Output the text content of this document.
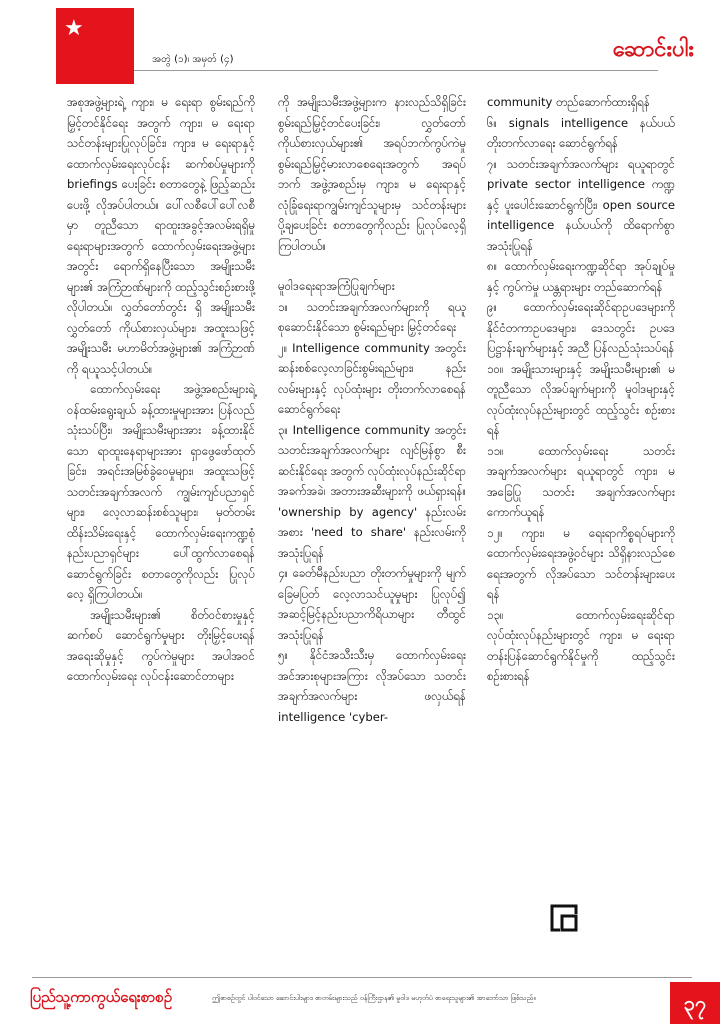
★
အတွဲ (၁)၊ အမှတ် (၄)	ဆောင်းပါး

အစုအဖွဲ့များရဲ့ ကျား၊ မ ရေးရာ စွမ်းရည်ကို မြှင့်တင်နိုင်ရေး အတွက် ကျား၊ မ ရေးရာ သင်တန်းများပြုလုပ်ခြင်း၊ ကျား၊ မ ရေးရာနှင့် ထောက်လှမ်းရေးလုပ်ငန်း ဆက်စပ်မှုများကို briefings ပေးခြင်း စတာတွေနဲ့ ဖြည့်ဆည်းပေးဖို့ လိုအပ်ပါတယ်။ ပေါ်လစီပေါ်ပေါ်လစီမှာ တူညီသော ရာထူးအခွင့်အလမ်းရရှိမှု ရေးရာများအတွက် ထောက်လှမ်းရေးအဖွဲ့များအတွင်း ရောက်ရှိနေပြီးသော အမျိုးသမီးများ၏ အကြံဉာဏ်များကို ထည့်သွင်းစဉ်းစားဖို့ လိုပါတယ်။ လွှတ်တော်တွင်း ရှိ အမျိုးသမီး လွှတ်တော် ကိုယ်စားလှယ်များ၊ အထူးသဖြင့် အမျိုးသမီး မဟာမိတ်အဖွဲ့များ၏ အကြံဉာဏ်ကို ရယူသင့်ပါတယ်။

ထောက်လှမ်းရေး အဖွဲ့အစည်းများရဲ့ ဝန်ထမ်းရွေးချယ် ခန့်ထားမှုများအား ပြန်လည် သုံးသပ်ပြီး၊ အမျိုးသမီးများအား ခန့်ထားနိုင်သော ရာထူးနေရာများအား ရှာဖွေဖော်ထုတ်ခြင်း၊ အရင်းအမြစ်ခွဲဝေမှုများ၊ အထူးသဖြင့် သတင်းအချက်အလက် ကျွမ်းကျင်ပညာရှင်များ၊ လေ့လာဆန်းစစ်သူများ၊ မှတ်တမ်းထိန်းသိမ်းရေးနှင့် ထောက်လှမ်းရေးကဏ္ဍစုံ နည်းပညာရှင်များ ပေါ်ထွက်လာစေရန် ဆောင်ရွက်ခြင်း စတာတွေကိုလည်း ပြုလုပ်လေ့ ရှိကြပါတယ်။

အမျိုးသမီးများ၏ စိတ်ဝင်စားမှုနှင့် ဆက်စပ် ဆောင်ရွက်မှုများ တိုးမြှင့်ပေးရန် အရေးဆိုမှုနှင့် ကွပ်ကဲမှုများ အပါအဝင် ထောက်လှမ်းရေး လုပ်ငန်းဆောင်တာများ

ကို အမျိုးသမီးအဖွဲ့များက နားလည်သိရှိခြင်းစွမ်းရည်မြှင့်တင်ပေးခြင်း၊ လွှတ်တော် ကိုယ်စားလှယ်များ၏ အရပ်ဘက်ကွပ်ကဲမှု စွမ်းရည်မြှင့်မားလာစေရေးအတွက် အရပ်ဘက် အဖွဲ့အစည်းမှ ကျား၊ မ ရေးရာနှင့် လုံခြုံရေးရာကျွမ်းကျင်သူများမှ သင်တန်းများ ပို့ချပေးခြင်း စတာတွေကိုလည်း ပြုလုပ်လေ့ရှိကြပါတယ်။

မူဝါဒရေးရာအကြံပြုချက်များ

၁။ သတင်းအချက်အလက်များကို ရယူစုဆောင်းနိုင်သော စွမ်းရည်များ မြှင့်တင်ရေး

၂။ Intelligence community အတွင်း ဆန်းစစ်လေ့လာခြင်းစွမ်းရည်များ၊ နည်းလမ်းများနှင့် လုပ်ထုံးများ တိုးတက်လာစေရန် ဆောင်ရွက်ရေး

၃။ Intelligence community အတွင်း သတင်းအချက်အလက်များ လျင်မြန်စွာ စီးဆင်းနိုင်ရေး အတွက် လုပ်ထုံးလုပ်နည်းဆိုင်ရာ အခက်အခဲ၊ အတားအဆီးများကို ဖယ်ရှားရန်။ 'ownership by agency' နည်းလမ်းအစား 'need to share' နည်းလမ်းကို အသုံးပြုရန်

၄။ ခေတ်မီနည်းပညာ တိုးတက်မှုများကို မျက်ခြေမပြတ် လေ့လာသင်ယူမှုများ ပြုလုပ်၍ အဆင့်မြင့်နည်းပညာကိရိယာများ တီထွင် အသုံးပြုရန်

၅။ နိုင်ငံအသီးသီးမှ ထောက်လှမ်းရေးအင်အားစုများအကြား လိုအပ်သော သတင်းအချက်အလက်များ ဖလှယ်ရန် intelligence 'cyber-

community တည်ဆောက်ထားရှိရန်

၆။ signals intelligence နယ်ပယ် တိုးတက်လာရေး ဆောင်ရွက်ရန်

၇။ သတင်းအချက်အလက်များ ရယူရာတွင် private sector intelligence ကဏ္ဍနှင့် ပူးပေါင်းဆောင်ရွက်ပြီး၊ open source intelligence နယ်ပယ်ကို ထိရောက်စွာ အသုံးပြုရန်

၈။ ထောက်လှမ်းရေးကဏ္ဍဆိုင်ရာ အုပ်ချုပ်မှုနှင့် ကွပ်ကဲမှု ယန္တရားများ တည်ဆောက်ရန်

၉။ ထောက်လှမ်းရေးဆိုင်ရာဥပဒေများကို နိုင်ငံတကာဥပဒေများ၊ ဒေသတွင်း ဥပဒေပြဋ္ဌာန်းချက်များနှင့် အညီ ပြန်လည်သုံးသပ်ရန်

၁၀။ အမျိုးသားများနှင့် အမျိုးသမီးများ၏ မတူညီသော လိုအပ်ချက်များကို မူဝါဒများနှင့် လုပ်ထုံးလုပ်နည်းများတွင် ထည့်သွင်း စဉ်းစားရန်

၁၁။ ထောက်လှမ်းရေး သတင်း အချက်အလက်များ ရယူရာတွင် ကျား၊ မ အခြေပြု သတင်း အချက်အလက်များ ကောက်ယူရန်

၁၂။ ကျား၊ မ ရေးရာကိစ္စရပ်များကို ထောက်လှမ်းရေးအဖွဲ့ဝင်များ သိရှိနားလည်စေရေးအတွက် လိုအပ်သော သင်တန်းများပေးရန်

၁၃။ ထောက်လှမ်းရေးဆိုင်ရာ လုပ်ထုံးလုပ်နည်းများတွင် ကျား၊ မ ရေးရာ တန်းပြန်ဆောင်ရွက်နိုင်မှုကို ထည့်သွင်းစဉ်းစားရန်

ပြည်သူ့ကာကွယ်ရေးစာစဉ်	ဤစာစဉ်တွင် ပါဝင်သော ဆောင်းပါးများ၊ စာတမ်းများသည် ဝန်ကြီးဌာန၏ မူဝါဒ မဟုတ်ပဲ စာရေးသူများ၏ အာဘော်သာ ဖြစ်သည်။	၃၇
